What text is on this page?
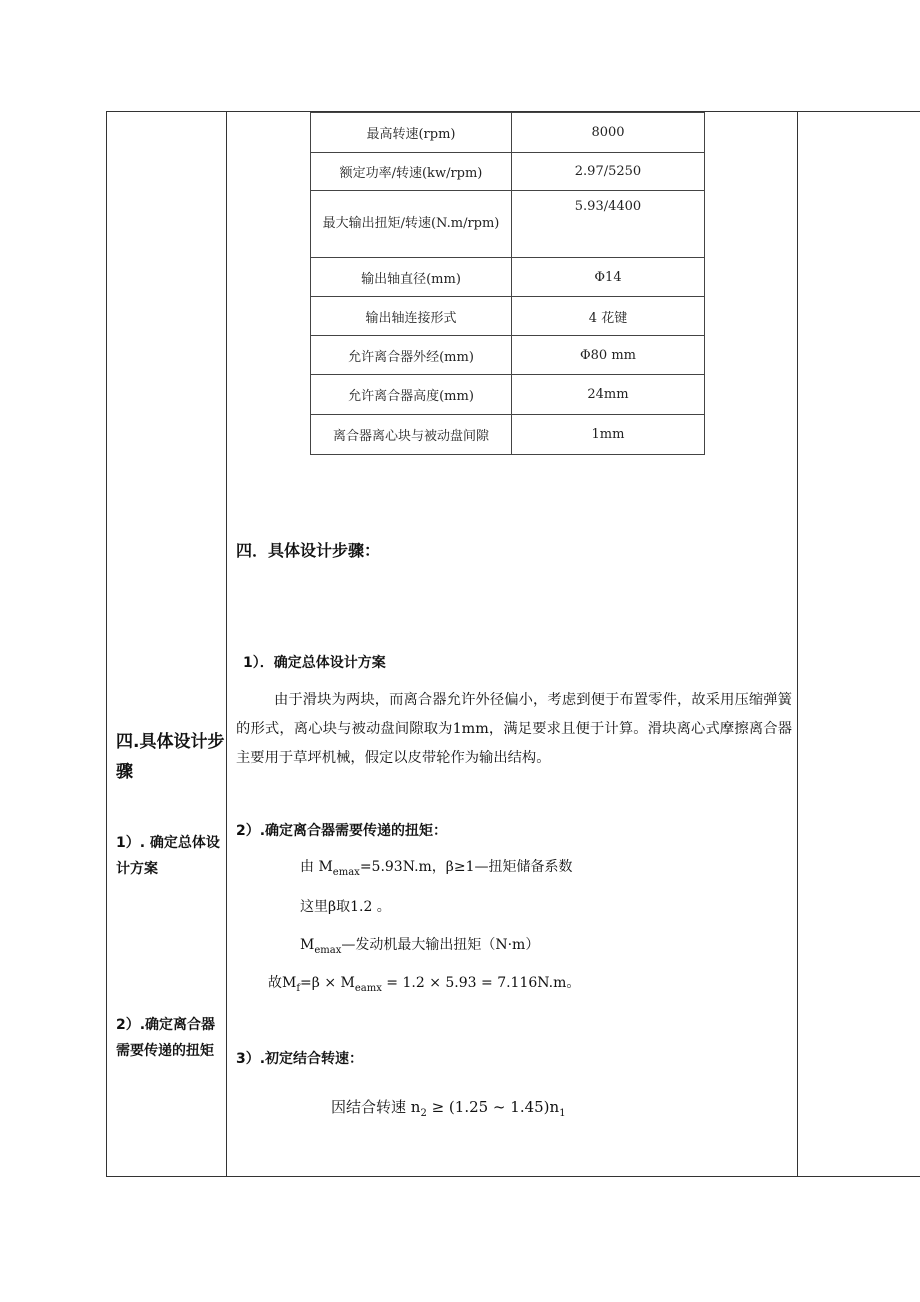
四.具体设计步骤
1）. 确定总体设计方案
2）.确定离合器需要传递的扭矩
最高转速(rpm)	8000
额定功率/转速(kw/rpm)	2.97/5250
最大输出扭矩/转速(N.m/rpm)	5.93/4400
输出轴直径(mm)	Φ14
输出轴连接形式	4 花键
允许离合器外经(mm)	Φ80 mm
允许离合器高度(mm)	24mm
离合器离心块与被动盘间隙	1mm
四．具体设计步骤：
1）．确定总体设计方案
由于滑块为两块，而离合器允许外径偏小，考虑到便于布置零件，故采用压缩弹簧的形式，离心块与被动盘间隙取为1mm，满足要求且便于计算。滑块离心式摩擦离合器主要用于草坪机械，假定以皮带轮作为输出结构。
2）.确定离合器需要传递的扭矩：
由 $M_{emax}=5.93N.m$，β≥1—扭矩储备系数
这里β取1.2 。
$M_{emax}—$发动机最大输出扭矩（N·m）
故$M_f=\beta \times M_{eamx} = 1.2 \times 5.93 = 7.116N.m$。
3）.初定结合转速：
因结合转速 $n_2 \ge (1.25$ ~ $1.45)n_1$
